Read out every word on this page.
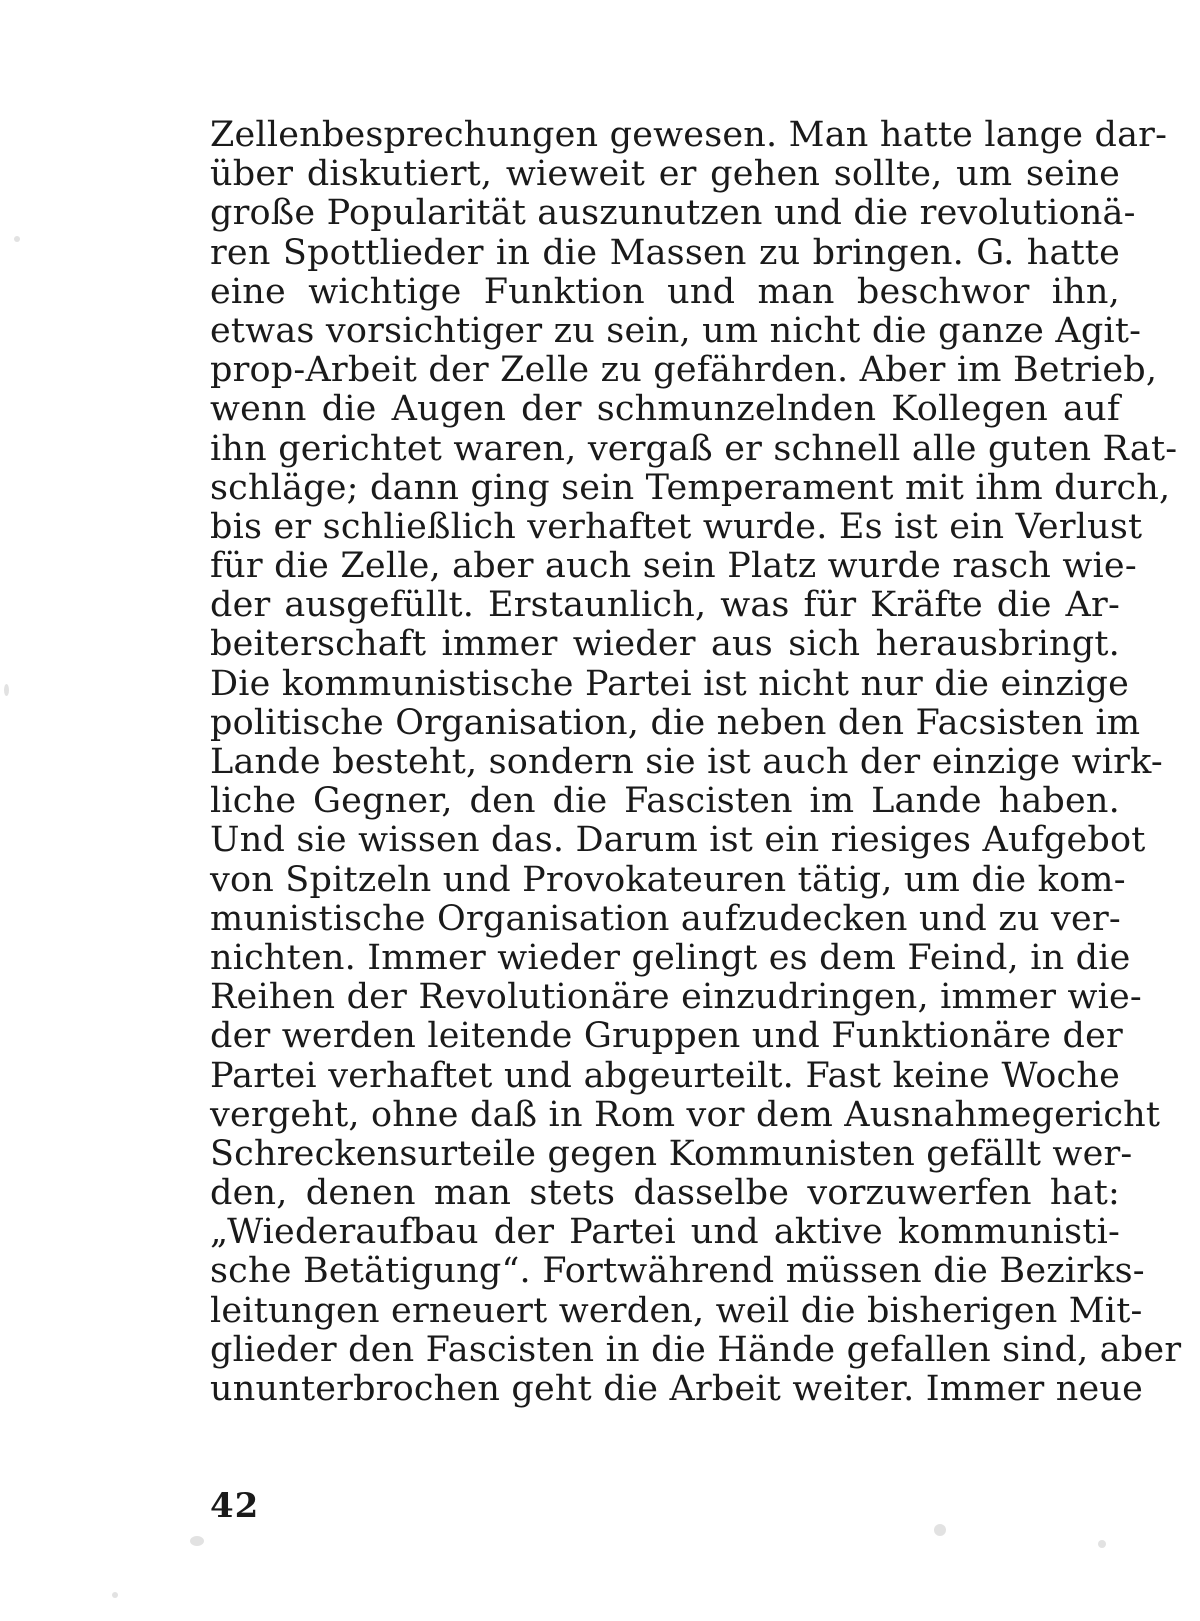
Zellenbesprechungen gewesen. Man hatte lange dar-
über diskutiert, wieweit er gehen sollte, um seine
große Popularität auszunutzen und die revolutionä-
ren Spottlieder in die Massen zu bringen. G. hatte
eine wichtige Funktion und man beschwor ihn,
etwas vorsichtiger zu sein, um nicht die ganze Agit-
prop-Arbeit der Zelle zu gefährden. Aber im Betrieb,
wenn die Augen der schmunzelnden Kollegen auf
ihn gerichtet waren, vergaß er schnell alle guten Rat-
schläge; dann ging sein Temperament mit ihm durch,
bis er schließlich verhaftet wurde. Es ist ein Verlust
für die Zelle, aber auch sein Platz wurde rasch wie-
der ausgefüllt. Erstaunlich, was für Kräfte die Ar-
beiterschaft immer wieder aus sich herausbringt.
Die kommunistische Partei ist nicht nur die einzige
politische Organisation, die neben den Facsisten im
Lande besteht, sondern sie ist auch der einzige wirk-
liche Gegner, den die Fascisten im Lande haben.
Und sie wissen das. Darum ist ein riesiges Aufgebot
von Spitzeln und Provokateuren tätig, um die kom-
munistische Organisation aufzudecken und zu ver-
nichten. Immer wieder gelingt es dem Feind, in die
Reihen der Revolutionäre einzudringen, immer wie-
der werden leitende Gruppen und Funktionäre der
Partei verhaftet und abgeurteilt. Fast keine Woche
vergeht, ohne daß in Rom vor dem Ausnahmegericht
Schreckensurteile gegen Kommunisten gefällt wer-
den, denen man stets dasselbe vorzuwerfen hat:
„Wiederaufbau der Partei und aktive kommunisti-
sche Betätigung“. Fortwährend müssen die Bezirks-
leitungen erneuert werden, weil die bisherigen Mit-
glieder den Fascisten in die Hände gefallen sind, aber
ununterbrochen geht die Arbeit weiter. Immer neue
42
